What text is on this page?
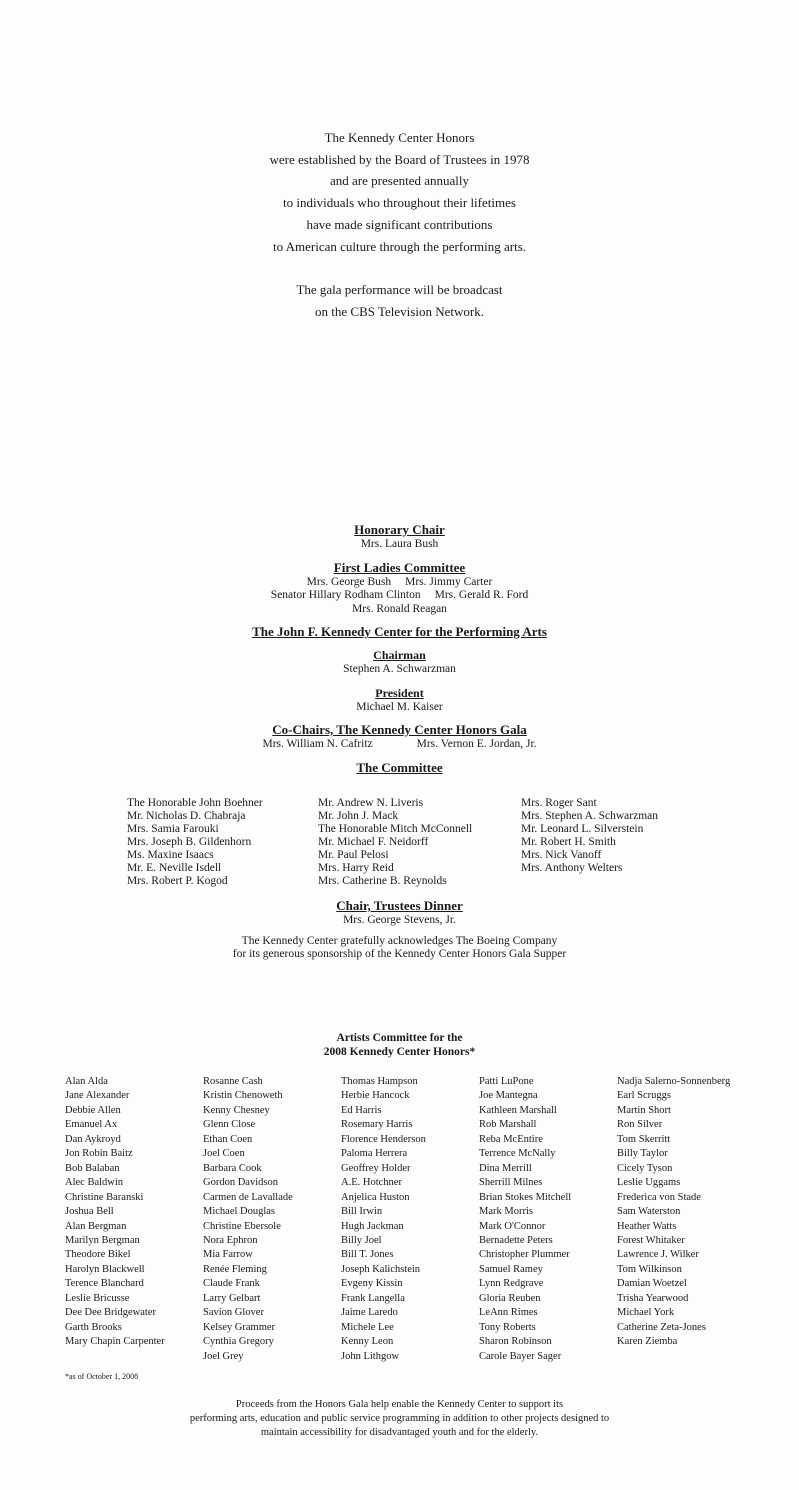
The Kennedy Center Honors
were established by the Board of Trustees in 1978
and are presented annually
to individuals who throughout their lifetimes
have made significant contributions
to American culture through the performing arts.
The gala performance will be broadcast
on the CBS Television Network.
Honorary Chair
Mrs. Laura Bush
First Ladies Committee
Mrs. George Bush Mrs. Jimmy Carter
Senator Hillary Rodham Clinton Mrs. Gerald R. Ford
Mrs. Ronald Reagan
The John F. Kennedy Center for the Performing Arts
Chairman
Stephen A. Schwarzman
President
Michael M. Kaiser
Co-Chairs, The Kennedy Center Honors Gala
Mrs. William N. Cafritz	Mrs. Vernon E. Jordan, Jr.
The Committee
The Honorable John Boehner
Mr. Nicholas D. Chabraja
Mrs. Samia Farouki
Mrs. Joseph B. Gildenhorn
Ms. Maxine Isaacs
Mr. E. Neville Isdell
Mrs. Robert P. Kogod
Mr. Andrew N. Liveris
Mr. John J. Mack
The Honorable Mitch McConnell
Mr. Michael F. Neidorff
Mr. Paul Pelosi
Mrs. Harry Reid
Mrs. Catherine B. Reynolds
Mrs. Roger Sant
Mrs. Stephen A. Schwarzman
Mr. Leonard L. Silverstein
Mr. Robert H. Smith
Mrs. Nick Vanoff
Mrs. Anthony Welters
Chair, Trustees Dinner
Mrs. George Stevens, Jr.
The Kennedy Center gratefully acknowledges The Boeing Company
for its generous sponsorship of the Kennedy Center Honors Gala Supper
Artists Committee for the
2008 Kennedy Center Honors*
Alan Alda
Jane Alexander
Debbie Allen
Emanuel Ax
Dan Aykroyd
Jon Robin Baitz
Bob Balaban
Alec Baldwin
Christine Baranski
Joshua Bell
Alan Bergman
Marilyn Bergman
Theodore Bikel
Harolyn Blackwell
Terence Blanchard
Leslie Bricusse
Dee Dee Bridgewater
Garth Brooks
Mary Chapin Carpenter
Rosanne Cash
Kristin Chenoweth
Kenny Chesney
Glenn Close
Ethan Coen
Joel Coen
Barbara Cook
Gordon Davidson
Carmen de Lavallade
Michael Douglas
Christine Ebersole
Nora Ephron
Mia Farrow
Renée Fleming
Claude Frank
Larry Gelbart
Savion Glover
Kelsey Grammer
Cynthia Gregory
Joel Grey
Thomas Hampson
Herbie Hancock
Ed Harris
Rosemary Harris
Florence Henderson
Paloma Herrera
Geoffrey Holder
A.E. Hotchner
Anjelica Huston
Bill Irwin
Hugh Jackman
Billy Joel
Bill T. Jones
Joseph Kalichstein
Evgeny Kissin
Frank Langella
Jaime Laredo
Michele Lee
Kenny Leon
John Lithgow
Patti LuPone
Joe Mantegna
Kathleen Marshall
Rob Marshall
Reba McEntire
Terrence McNally
Dina Merrill
Sherrill Milnes
Brian Stokes Mitchell
Mark Morris
Mark O'Connor
Bernadette Peters
Christopher Plummer
Samuel Ramey
Lynn Redgrave
Gloria Reuben
LeAnn Rimes
Tony Roberts
Sharon Robinson
Carole Bayer Sager
Nadja Salerno-Sonnenberg
Earl Scruggs
Martin Short
Ron Silver
Tom Skerritt
Billy Taylor
Cicely Tyson
Leslie Uggams
Frederica von Stade
Sam Waterston
Heather Watts
Forest Whitaker
Lawrence J. Wilker
Tom Wilkinson
Damian Woetzel
Trisha Yearwood
Michael York
Catherine Zeta-Jones
Karen Ziemba
*as of October 1, 2008
Proceeds from the Honors Gala help enable the Kennedy Center to support its
performing arts, education and public service programming in addition to other projects designed to
maintain accessibility for disadvantaged youth and for the elderly.
